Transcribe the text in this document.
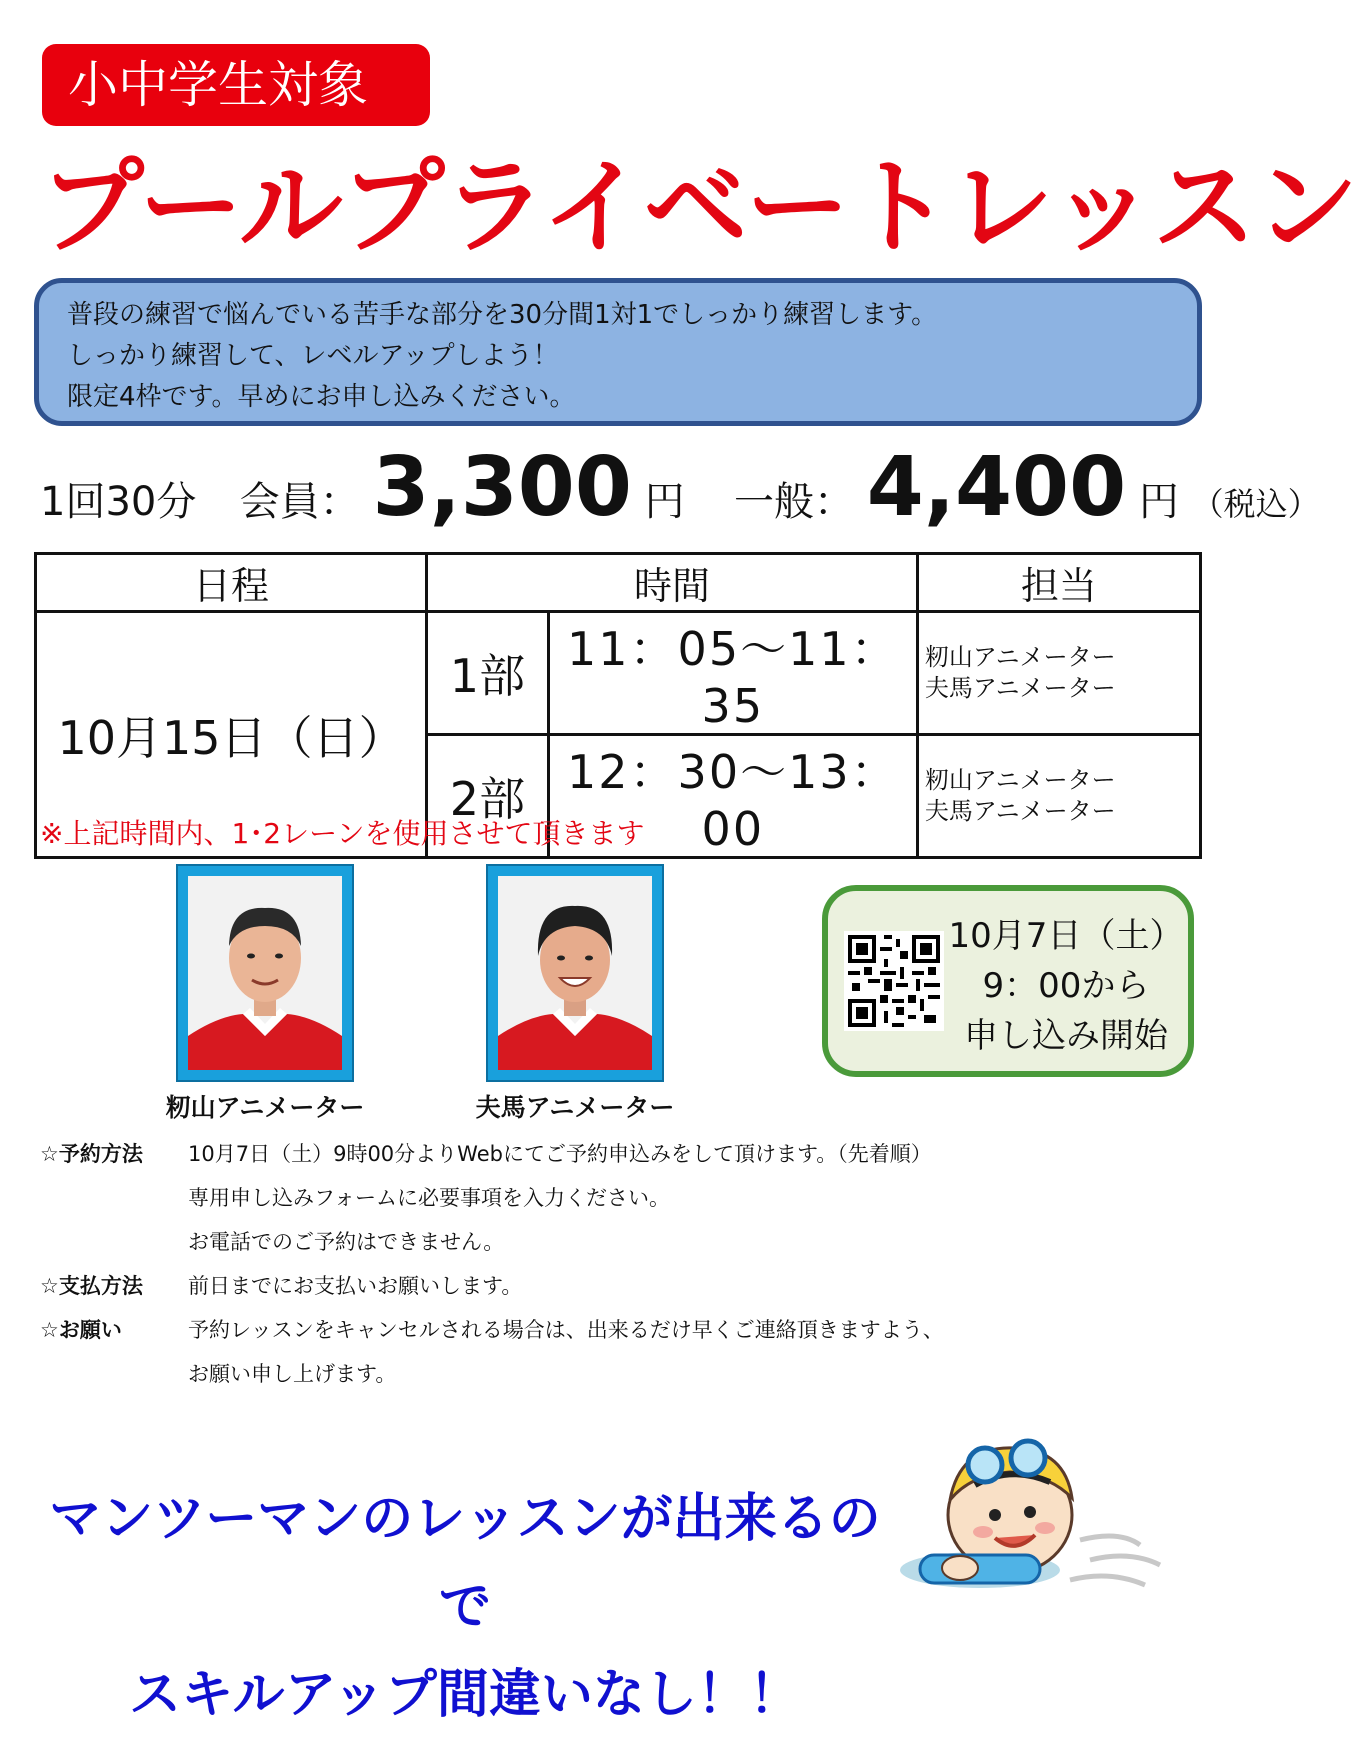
小中学生対象
プールプライベートレッスン
普段の練習で悩んでいる苦手な部分を30分間1対1でしっかり練習します。
しっかり練習して、レベルアップしよう！
限定4枠です。早めにお申し込みください。
1回30分 会員： 3,300 円 一般： 4,400 円 （税込）
日程	時間		担当
10月15日（日）	1部	11：05〜11：35	籾山アニメーター
夫馬アニメーター

	2部	12：30〜13：00	籾山アニメーター
夫馬アニメーター
※上記時間内、1･2レーンを使用させて頂きます
籾山アニメーター	夫馬アニメーター
10月7日（土）
9：00から
申し込み開始
☆予約方法 10月7日（土）9時00分よりWebにてご予約申込みをして頂けます。（先着順）
専用申し込みフォームに必要事項を入力ください。
お電話でのご予約はできません。
☆支払方法 前日までにお支払いお願いします。
☆お願い	予約レッスンをキャンセルされる場合は、出来るだけ早くご連絡頂きますよう、
お願い申し上げます。
マンツーマンのレッスンが出来るので
スキルアップ間違いなし！！
